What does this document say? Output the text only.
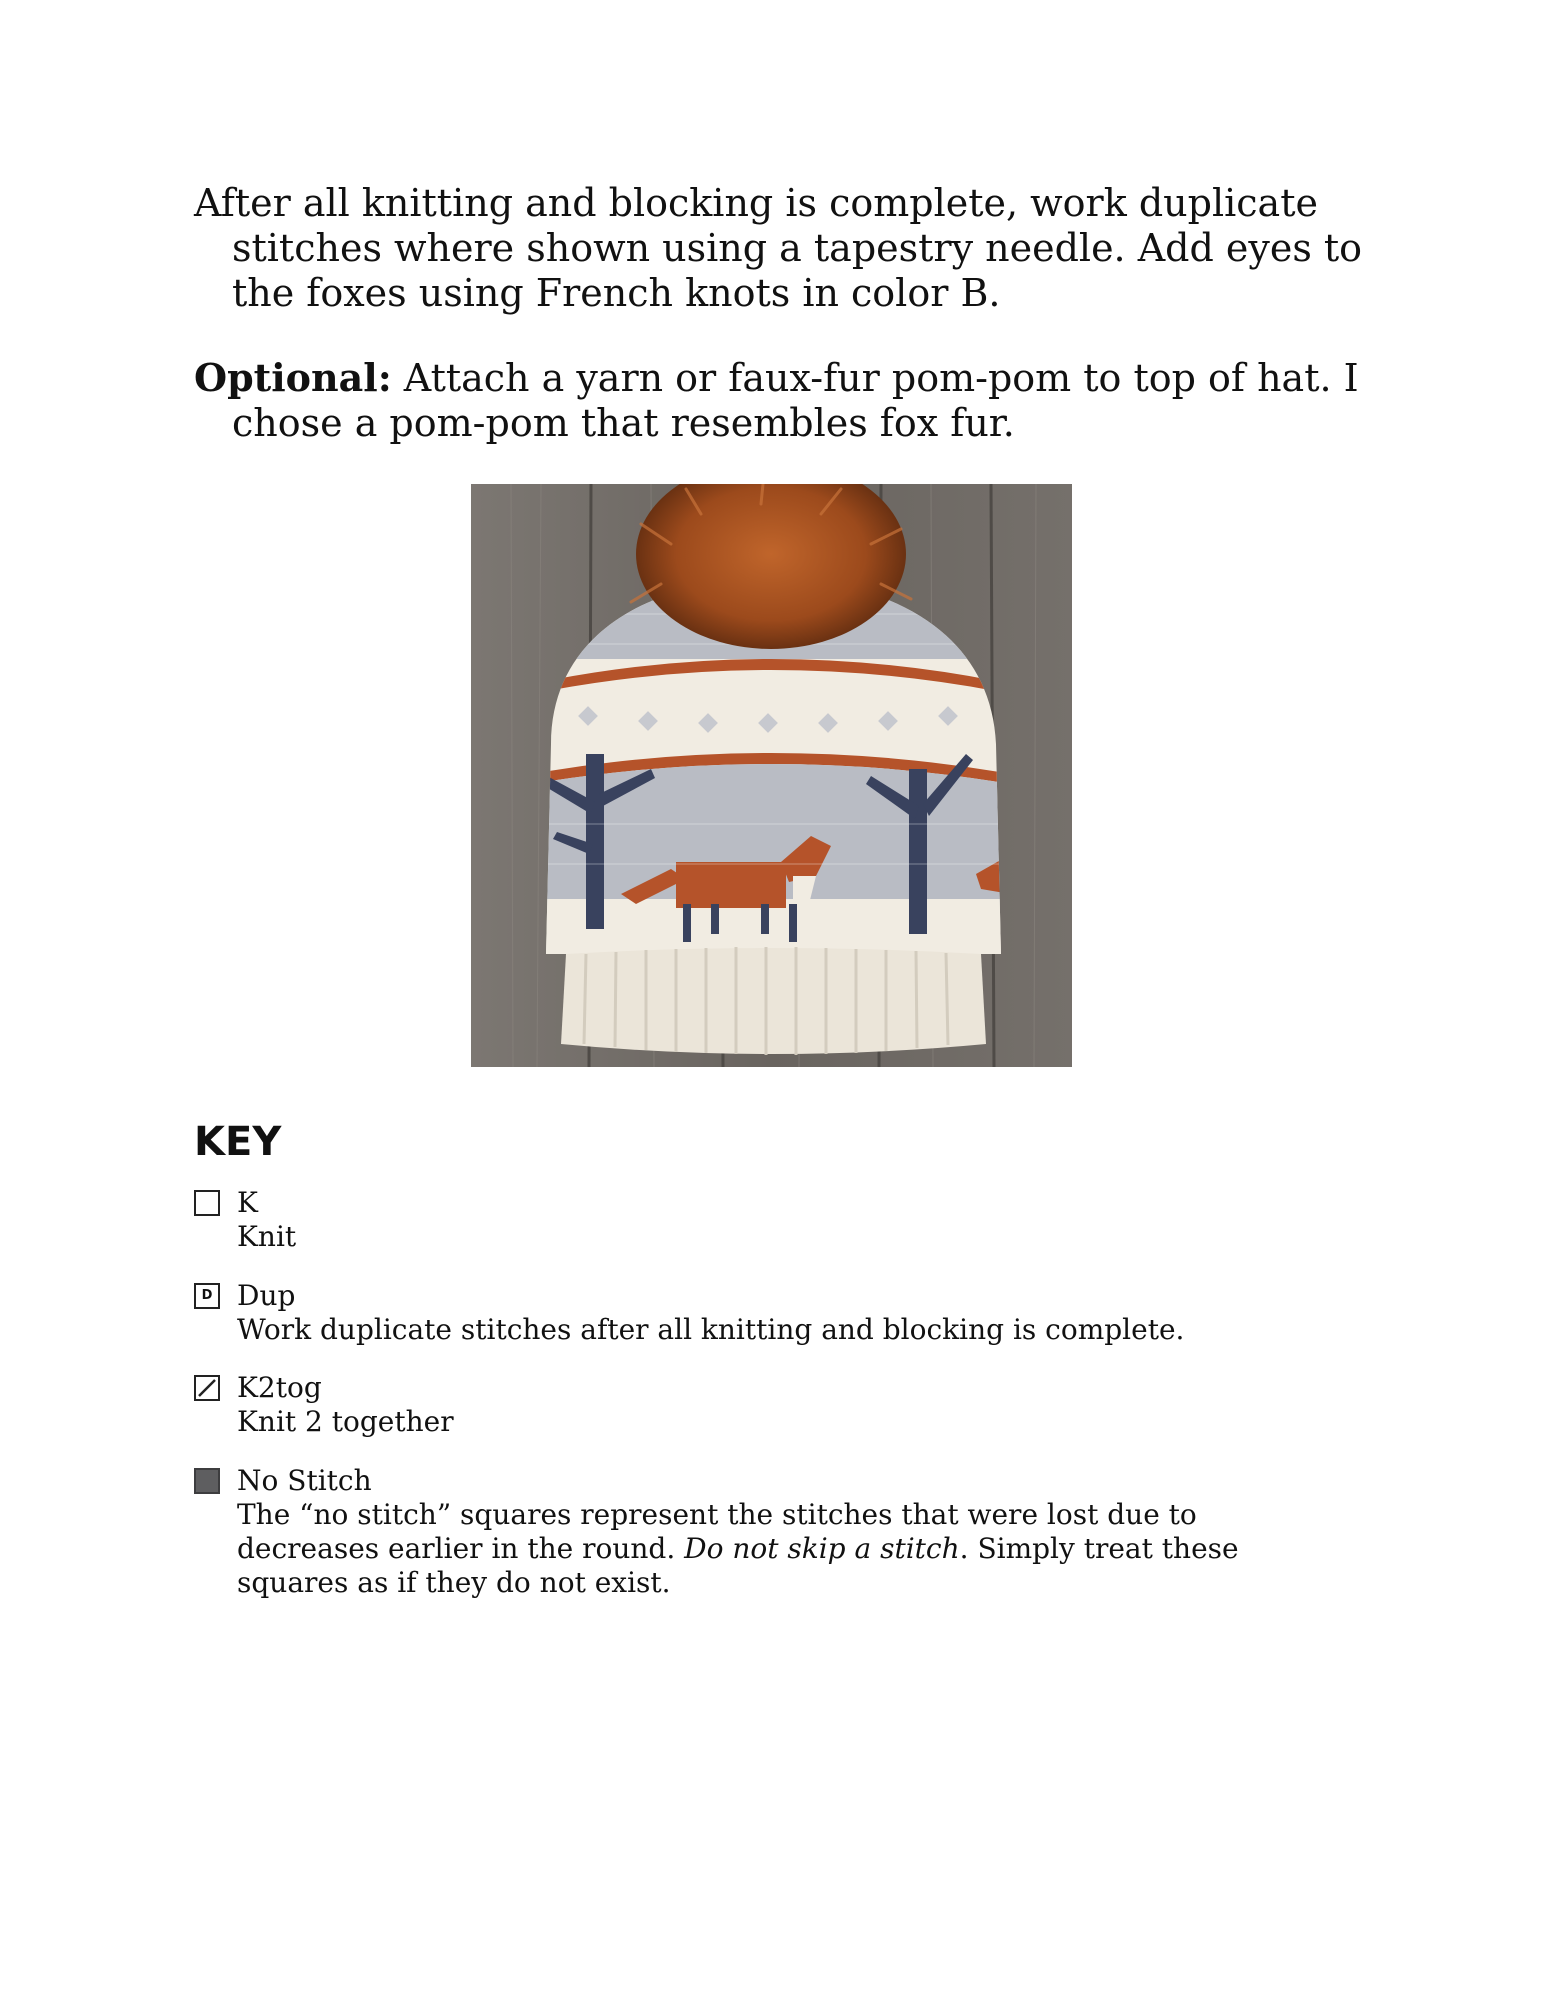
After all knitting and blocking is complete, work duplicate stitches where shown using a tapestry needle. Add eyes to the foxes using French knots in color B.
Optional: Attach a yarn or faux-fur pom-pom to top of hat. I chose a pom-pom that resembles fox fur.
KEY
K
Knit
D Dup
Work duplicate stitches after all knitting and blocking is complete.
K2tog
Knit 2 together
No Stitch
The “no stitch” squares represent the stitches that were lost due to decreases earlier in the round. Do not skip a stitch. Simply treat these squares as if they do not exist.
